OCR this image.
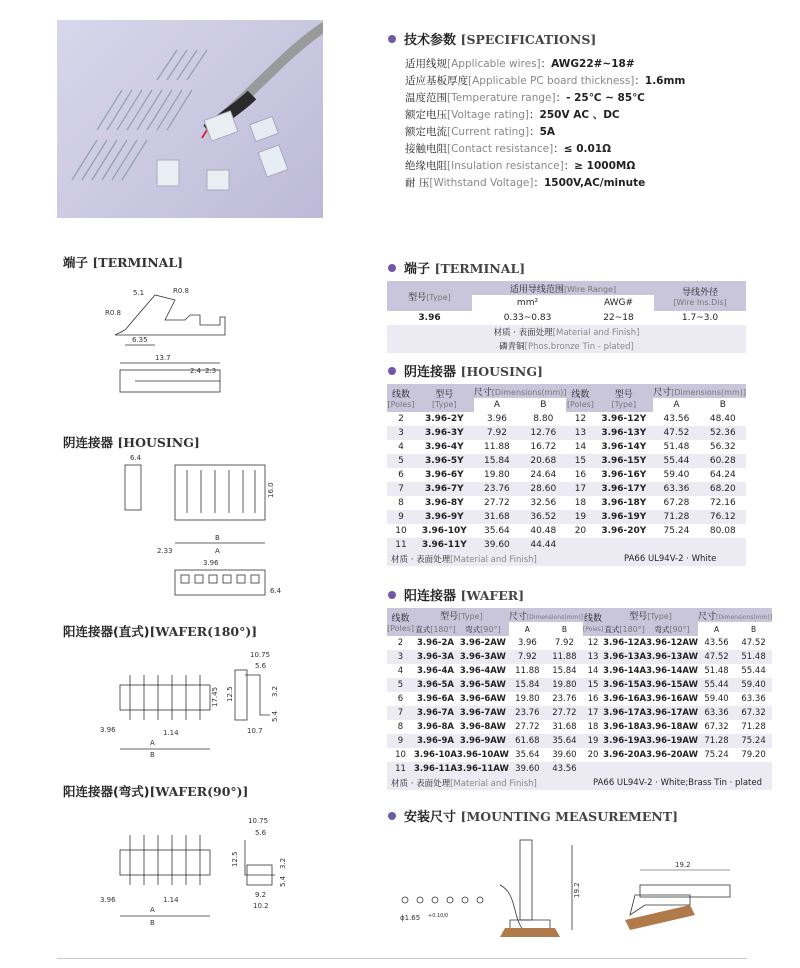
技术参数 [SPECIFICATIONS]
适用线规[Applicable wires]：AWG22#~18#
适应基板厚度[Applicable PC board thickness]：1.6mm
温度范围[Temperature range]：- 25℃ ~ 85℃
额定电压[Voltage rating]：250V AC 、DC
额定电流[Current rating]：5A
接触电阻[Contact resistance]：≤ 0.01Ω
绝缘电阻[Insulation resistance]：≥ 1000MΩ
耐 压[Withstand Voltage]：1500V,AC/minute
端子 [TERMINAL]
阴连接器 [HOUSING]
阳连接器(直式)[WAFER(180°)]
阳连接器(弯式)[WAFER(90°)]
5.1	R0.8
R0.8
6.35
13.7
2.4 2.3
6.4
16.0
B
2.33	A
3.96
6.4
3.96	1.14
A
B
10.75
5.6
17.45 12.5	3.2
5.4
10.7
3.96	1.14
A
B
10.75
5.6
12.5	3.2
5.4
9.2
10.2
端子 [TERMINAL]
型号[Type]	适用导线范围[Wire Range]		导线外径
[Wire Ins.Dis]
	mm²	AWG#	
3.96	0.33~0.83	22~18	1.7~3.0
材质 · 表面处理[Material and Finish]			
磷青铜[Phos.bronze Tin - plated]			
阴连接器 [HOUSING]
线数
[Poles]	型号
[Type]	尺寸[Dimensions(mm)]		线数
[Poles]	型号
[Type]	尺寸[Dimensions(mm)]	
		A	B			A	B
2	3.96-2Y	3.96	8.80	12	3.96-12Y	43.56	48.40
3	3.96-3Y	7.92	12.76	13	3.96-13Y	47.52	52.36
4	3.96-4Y	11.88	16.72	14	3.96-14Y	51.48	56.32
5	3.96-5Y	15.84	20.68	15	3.96-15Y	55.44	60.28
6	3.96-6Y	19.80	24.64	16	3.96-16Y	59.40	64.24
7	3.96-7Y	23.76	28.60	17	3.96-17Y	63.36	68.20
8	3.96-8Y	27.72	32.56	18	3.96-18Y	67.28	72.16
9	3.96-9Y	31.68	36.52	19	3.96-19Y	71.28	76.12
10	3.96-10Y	35.64	40.48	20	3.96-20Y	75.24	80.08
11	3.96-11Y	39.60	44.44				
材质 · 表面处理[Material and Finish]					PA66 UL94V-2 · White		
阳连接器 [WAFER]
线数
[Poles]	型号[Type]		尺寸[Dimensions(mm)]		线数
[Poles]	型号[Type]		尺寸[Dimensions(mm)]	
	直式[180°]	弯式[90°]	A	B		直式[180°]	弯式[90°]	A	B
2	3.96-2A	3.96-2AW	3.96	7.92	12	3.96-12A	3.96-12AW	43.56	47.52
3	3.96-3A	3.96-3AW	7.92	11.88	13	3.96-13A	3.96-13AW	47.52	51.48
4	3.96-4A	3.96-4AW	11.88	15.84	14	3.96-14A	3.96-14AW	51.48	55.44
5	3.96-5A	3.96-5AW	15.84	19.80	15	3.96-15A	3.96-15AW	55.44	59.40
6	3.96-6A	3.96-6AW	19.80	23.76	16	3.96-16A	3.96-16AW	59.40	63.36
7	3.96-7A	3.96-7AW	23.76	27.72	17	3.96-17A	3.96-17AW	63.36	67.32
8	3.96-8A	3.96-8AW	27.72	31.68	18	3.96-18A	3.96-18AW	67.32	71.28
9	3.96-9A	3.96-9AW	61.68	35.64	19	3.96-19A	3.96-19AW	71.28	75.24
10	3.96-10A	3.96-10AW	35.64	39.60	20	3.96-20A	3.96-20AW	75.24	79.20
11	3.96-11A	3.96-11AW	39.60	43.56					
材质 · 表面处理[Material and Finish]					PA66 UL94V-2 · White;Brass Tin · plated				
安装尺寸 [MOUNTING MEASUREMENT]
ϕ1.65 +0.10/0
19.2
19.2
